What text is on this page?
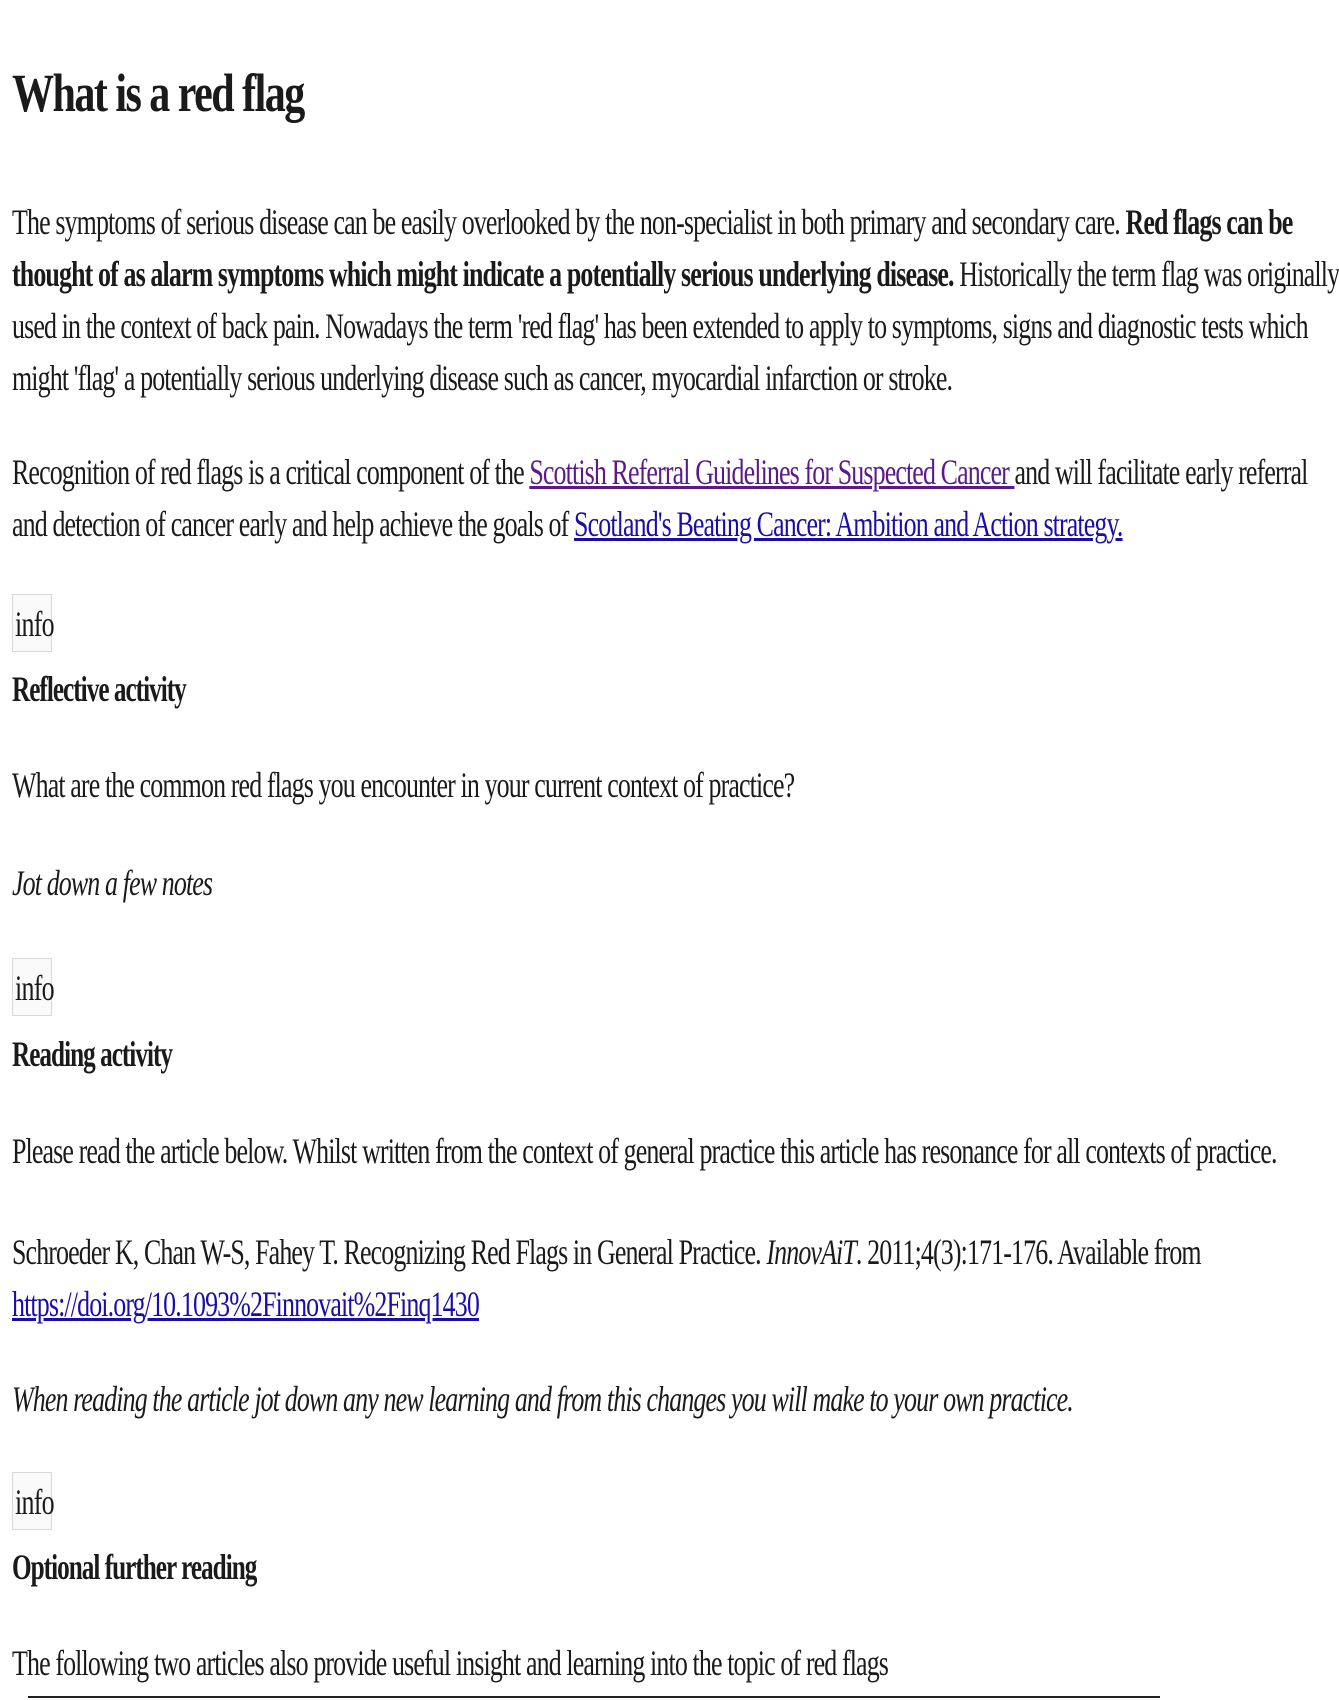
What is a red flag

The symptoms of serious disease can be easily overlooked by the non-specialist in both primary and secondary care. Red flags can be
thought of as alarm symptoms which might indicate a potentially serious underlying disease. Historically the term flag was originally
used in the context of back pain. Nowadays the term 'red flag' has been extended to apply to symptoms, signs and diagnostic tests which
might 'flag' a potentially serious underlying disease such as cancer, myocardial infarction or stroke.

Recognition of red flags is a critical component of the Scottish Referral Guidelines for Suspected Cancer and will facilitate early referral
and detection of cancer early and help achieve the goals of Scotland's Beating Cancer: Ambition and Action strategy.

info
Reflective activity

What are the common red flags you encounter in your current context of practice?

Jot down a few notes

info
Reading activity

Please read the article below. Whilst written from the context of general practice this article has resonance for all contexts of practice.

Schroeder K, Chan W-S, Fahey T. Recognizing Red Flags in General Practice. InnovAiT. 2011;4(3):171-176. Available from
https://doi.org/10.1093%2Finnovait%2Finq1430

When reading the article jot down any new learning and from this changes you will make to your own practice.

info
Optional further reading

The following two articles also provide useful insight and learning into the topic of red flags
